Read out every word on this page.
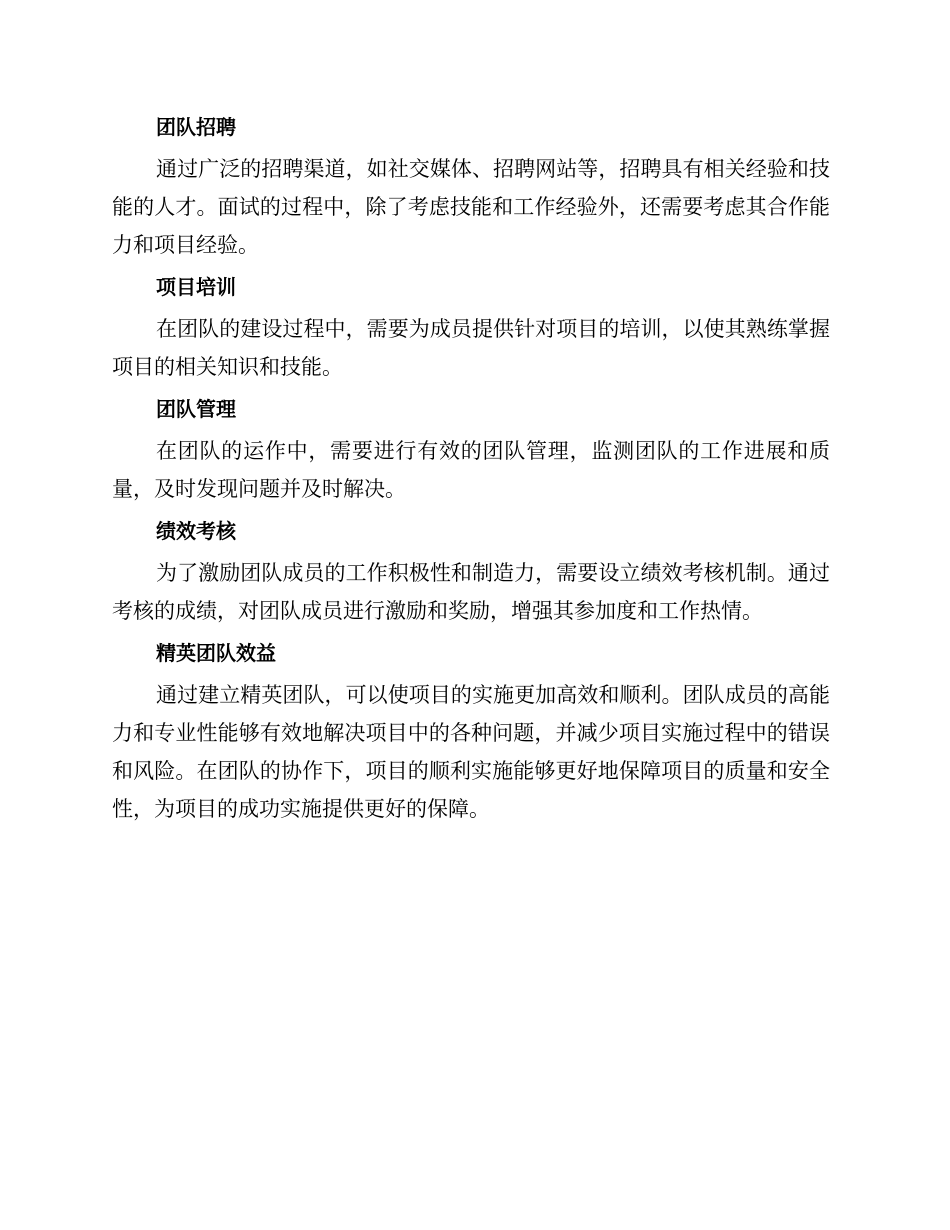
团队招聘
通过广泛的招聘渠道，如社交媒体、招聘网站等，招聘具有相关经验和技能的人才。面试的过程中，除了考虑技能和工作经验外，还需要考虑其合作能力和项目经验。
项目培训
在团队的建设过程中，需要为成员提供针对项目的培训，以使其熟练掌握项目的相关知识和技能。
团队管理
在团队的运作中，需要进行有效的团队管理，监测团队的工作进展和质量，及时发现问题并及时解决。
绩效考核
为了激励团队成员的工作积极性和制造力，需要设立绩效考核机制。通过考核的成绩，对团队成员进行激励和奖励，增强其参加度和工作热情。
精英团队效益
通过建立精英团队，可以使项目的实施更加高效和顺利。团队成员的高能力和专业性能够有效地解决项目中的各种问题，并减少项目实施过程中的错误和风险。在团队的协作下，项目的顺利实施能够更好地保障项目的质量和安全性，为项目的成功实施提供更好的保障。
